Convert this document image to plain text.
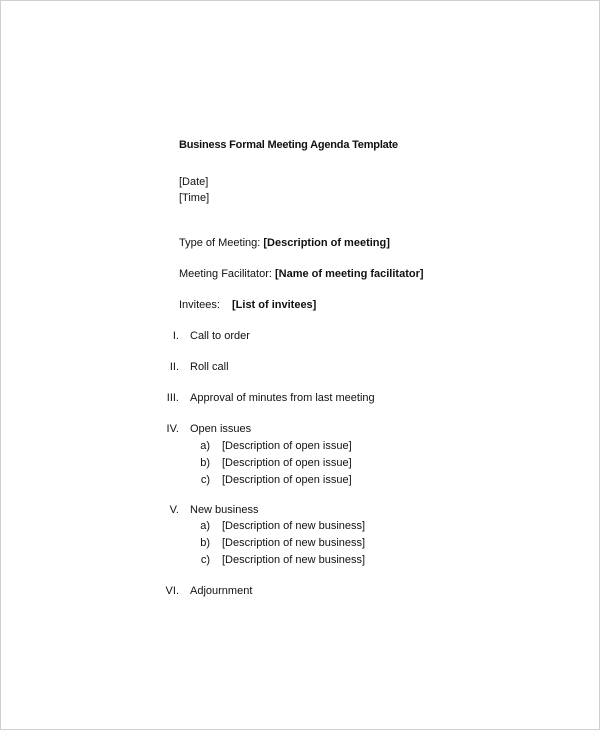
Business Formal Meeting Agenda Template
[Date]
[Time]
Type of Meeting: [Description of meeting]
Meeting Facilitator: [Name of meeting facilitator]
Invitees: [List of invitees]
I. Call to order
II. Roll call
III. Approval of minutes from last meeting
IV. Open issues
a) [Description of open issue]
b) [Description of open issue]
c) [Description of open issue]
V. New business
a) [Description of new business]
b) [Description of new business]
c) [Description of new business]
VI. Adjournment
